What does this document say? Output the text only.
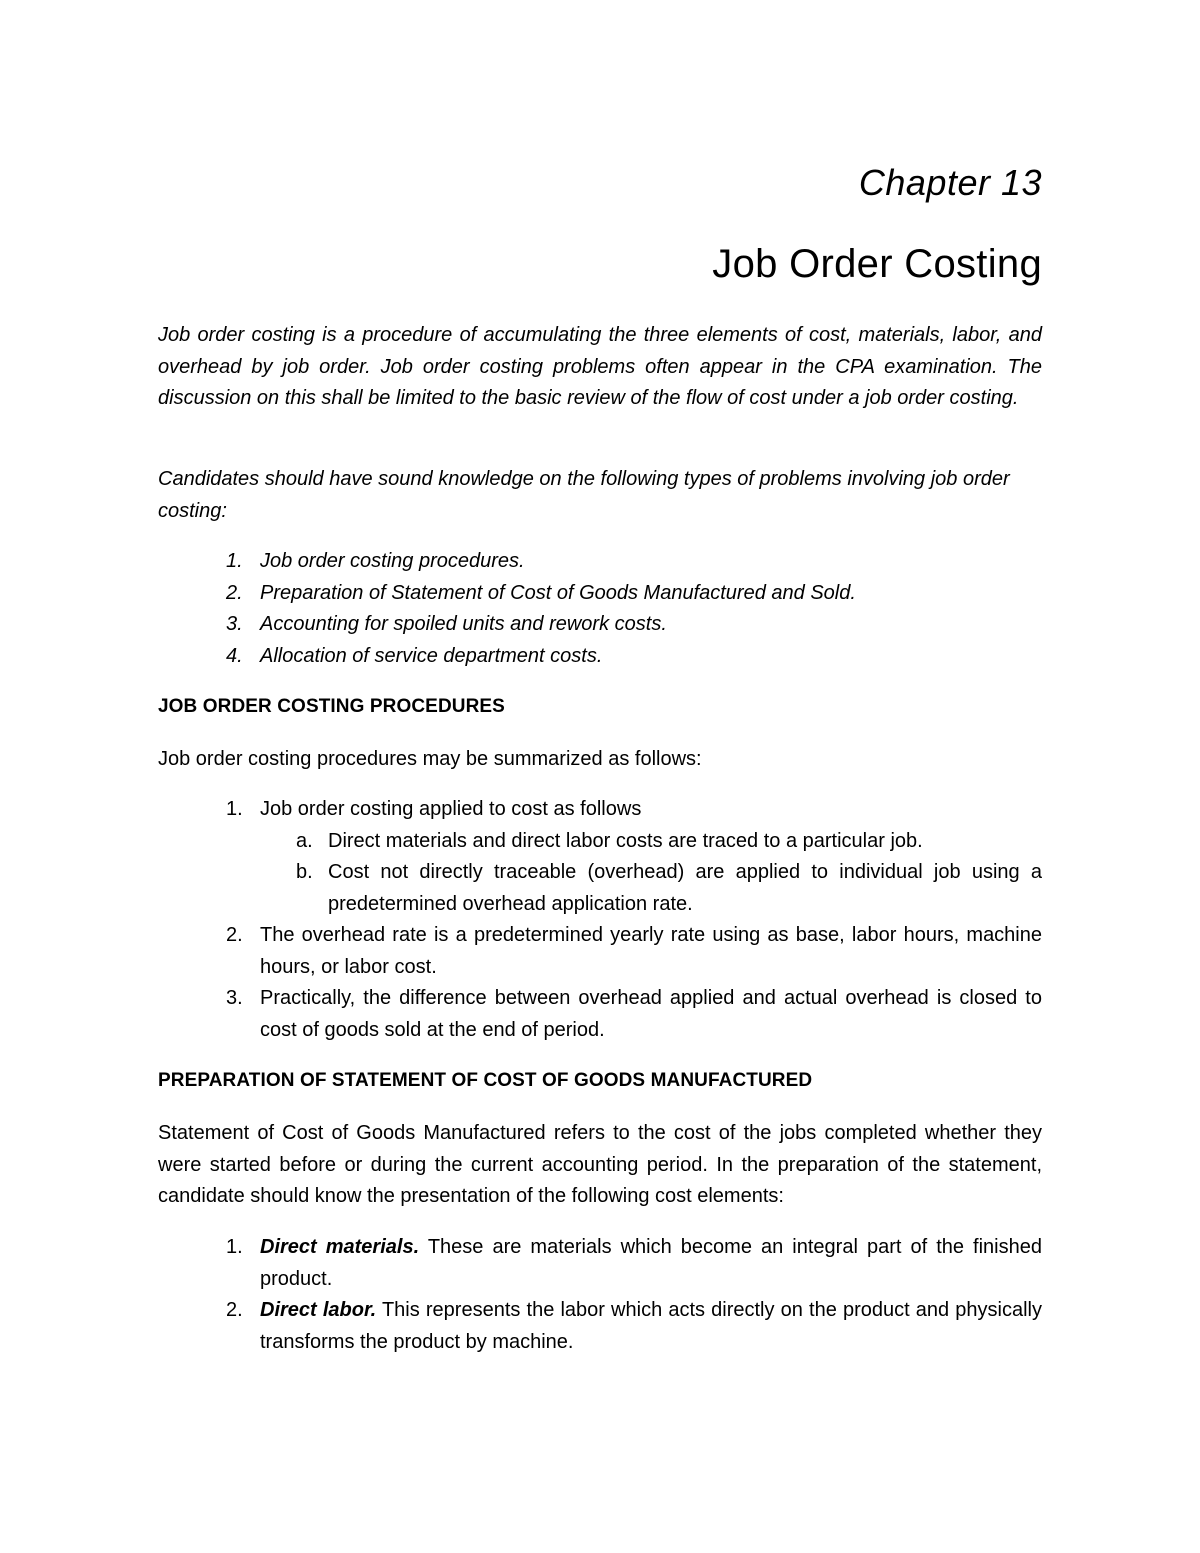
Chapter 13
Job Order Costing

Job order costing is a procedure of accumulating the three elements of cost, materials, labor, and overhead by job order. Job order costing problems often appear in the CPA examination. The discussion on this shall be limited to the basic review of the flow of cost under a job order costing.

Candidates should have sound knowledge on the following types of problems involving job order costing:

1. Job order costing procedures.
2. Preparation of Statement of Cost of Goods Manufactured and Sold.
3. Accounting for spoiled units and rework costs.
4. Allocation of service department costs.
JOB ORDER COSTING PROCEDURES

Job order costing procedures may be summarized as follows:

1. Job order costing applied to cost as follows
a. Direct materials and direct labor costs are traced to a particular job.
b. Cost not directly traceable (overhead) are applied to individual job using a predetermined overhead application rate.
2. The overhead rate is a predetermined yearly rate using as base, labor hours, machine hours, or labor cost.
3. Practically, the difference between overhead applied and actual overhead is closed to cost of goods sold at the end of period.
PREPARATION OF STATEMENT OF COST OF GOODS MANUFACTURED

Statement of Cost of Goods Manufactured refers to the cost of the jobs completed whether they were started before or during the current accounting period. In the preparation of the statement, candidate should know the presentation of the following cost elements:

1. Direct materials. These are materials which become an integral part of the finished product.
2. Direct labor. This represents the labor which acts directly on the product and physically transforms the product by machine.
